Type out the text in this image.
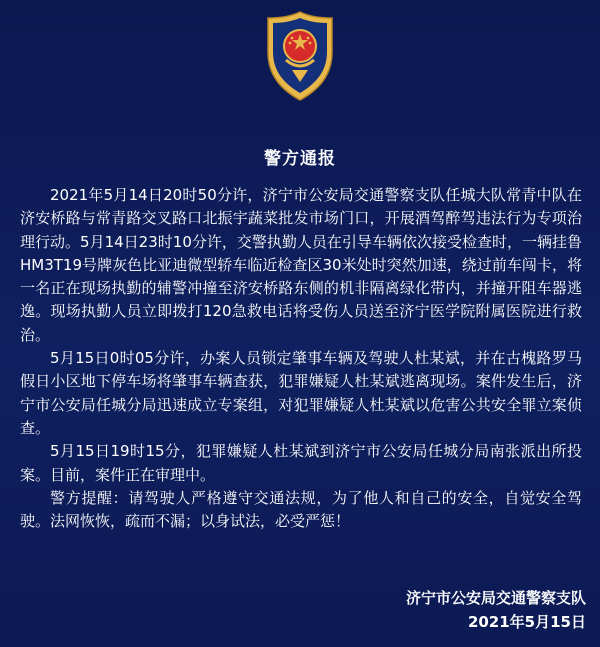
警方通报

2021年5月14日20时50分许，济宁市公安局交通警察支队任城大队常青中队在济安桥路与常青路交叉路口北振宇蔬菜批发市场门口，开展酒驾醉驾违法行为专项治理行动。5月14日23时10分许，交警执勤人员在引导车辆依次接受检查时，一辆挂鲁HM3T19号牌灰色比亚迪微型轿车临近检查区30米处时突然加速，绕过前车闯卡，将一名正在现场执勤的辅警冲撞至济安桥路东侧的机非隔离绿化带内，并撞开阻车器逃逸。现场执勤人员立即拨打120急救电话将受伤人员送至济宁医学院附属医院进行救治。

5月15日0时05分许，办案人员锁定肇事车辆及驾驶人杜某斌，并在古槐路罗马假日小区地下停车场将肇事车辆查获，犯罪嫌疑人杜某斌逃离现场。案件发生后，济宁市公安局任城分局迅速成立专案组，对犯罪嫌疑人杜某斌以危害公共安全罪立案侦查。

5月15日19时15分，犯罪嫌疑人杜某斌到济宁市公安局任城分局南张派出所投案。目前，案件正在审理中。

警方提醒：请驾驶人严格遵守交通法规，为了他人和自己的安全，自觉安全驾驶。法网恢恢，疏而不漏；以身试法，必受严惩！

济宁市公安局交通警察支队
2021年5月15日
